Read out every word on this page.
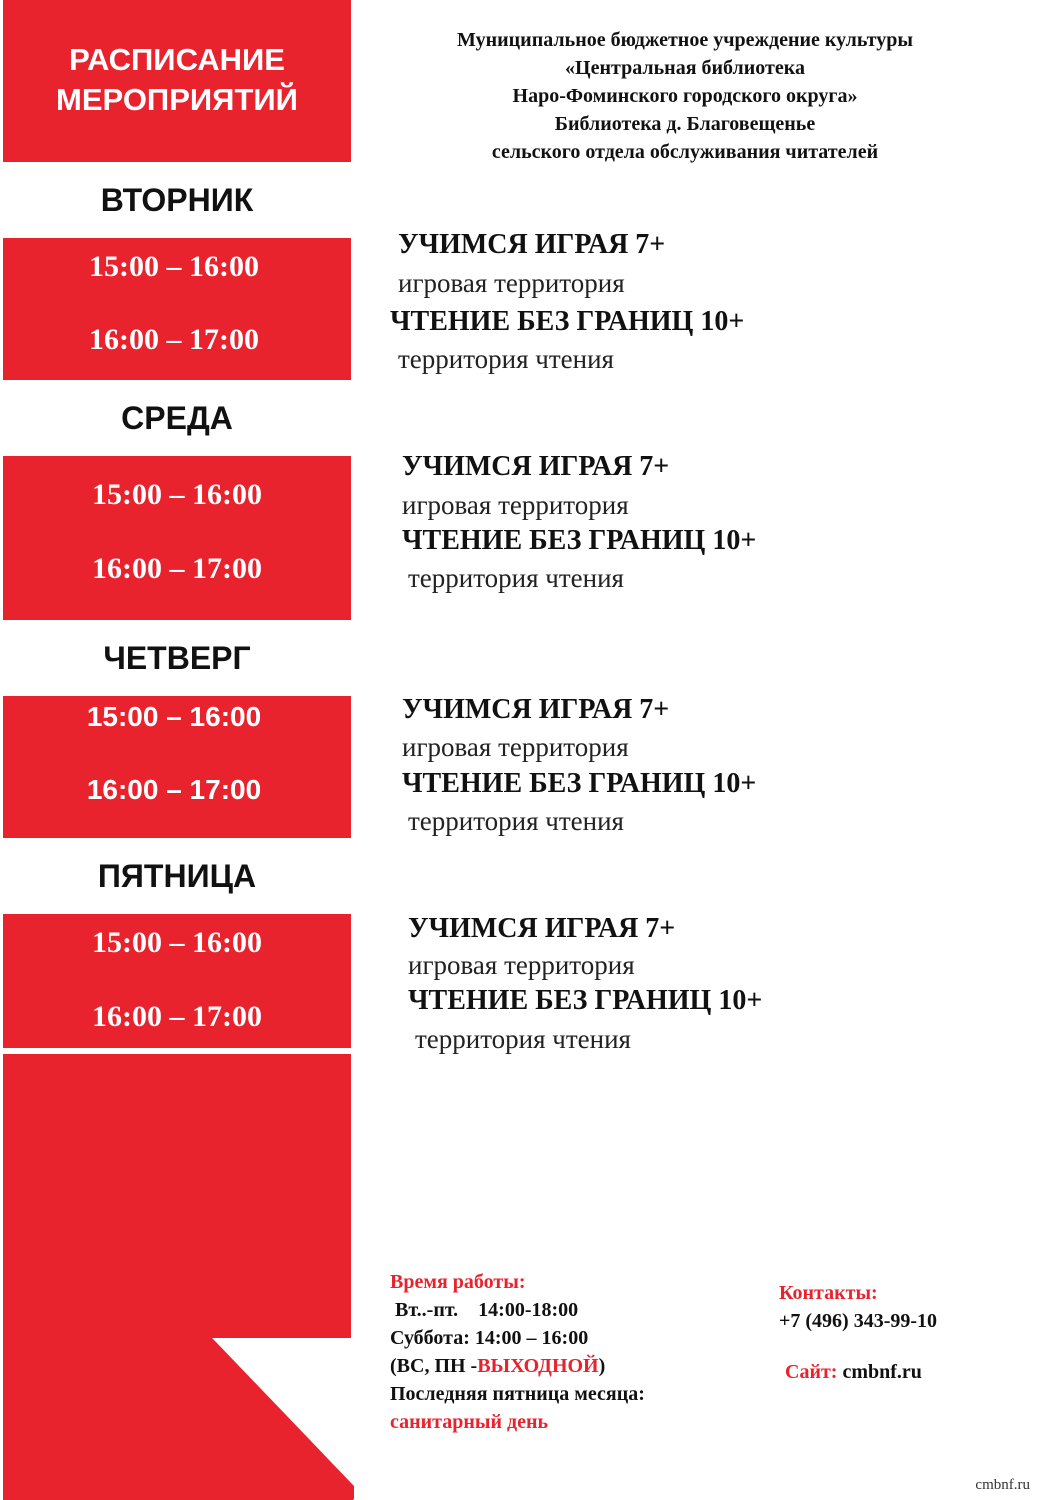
РАСПИСАНИЕ
МЕРОПРИЯТИЙ
ВТОРНИК
15:00 – 16:00
16:00 – 17:00
СРЕДА
15:00 – 16:00
16:00 – 17:00
ЧЕТВЕРГ
15:00 – 16:00
16:00 – 17:00
ПЯТНИЦА
15:00 – 16:00
16:00 – 17:00
Муниципальное бюджетное учреждение культуры
«Центральная библиотека
Наро-Фоминского городского округа»
Библиотека д. Благовещенье
сельского отдела обслуживания читателей
УЧИМСЯ ИГРАЯ 7+
игровая территория
ЧТЕНИЕ БЕЗ ГРАНИЦ 10+
территория чтения
УЧИМСЯ ИГРАЯ 7+
игровая территория
ЧТЕНИЕ БЕЗ ГРАНИЦ 10+
территория чтения
УЧИМСЯ ИГРАЯ 7+
игровая территория
ЧТЕНИЕ БЕЗ ГРАНИЦ 10+
территория чтения
УЧИМСЯ ИГРАЯ 7+
игровая территория
ЧТЕНИЕ БЕЗ ГРАНИЦ 10+
территория чтения
Время работы:
Вт..-пт.    14:00-18:00
Суббота: 14:00 – 16:00
(ВС, ПН -ВЫХОДНОЙ)
Последняя пятница месяца:
санитарный день
Контакты:
+7 (496) 343-99-10
Сайт: cmbnf.ru
cmbnf.ru
